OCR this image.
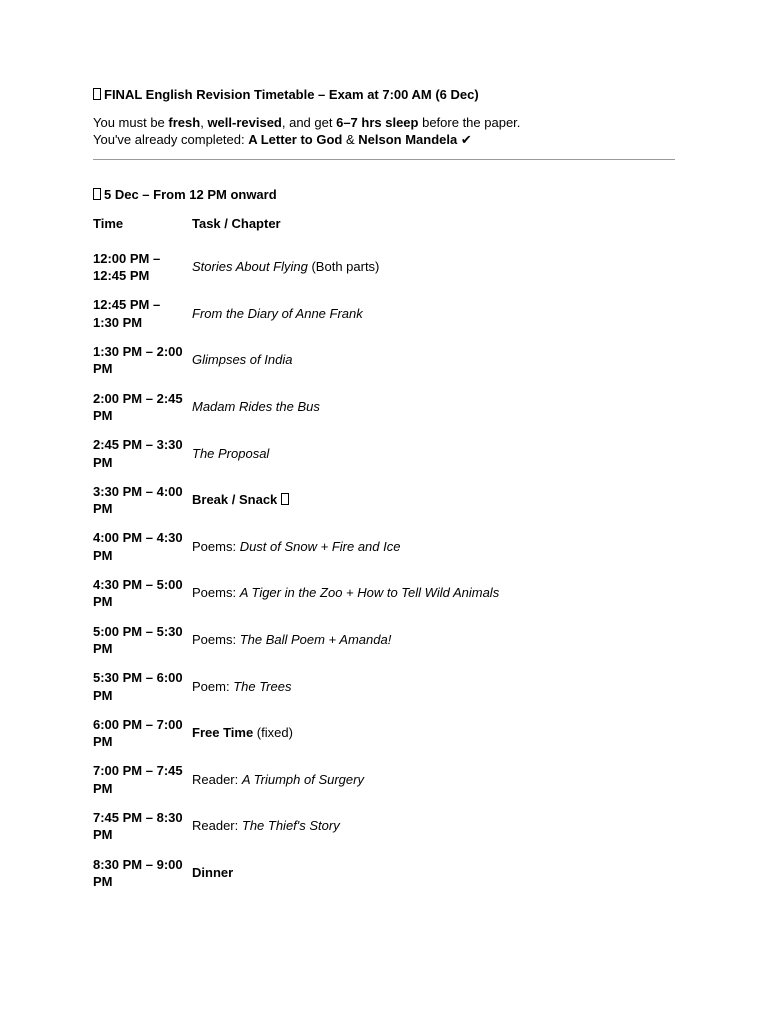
FINAL English Revision Timetable – Exam at 7:00 AM (6 Dec)
You must be fresh, well-revised, and get 6–7 hrs sleep before the paper.
You've already completed: A Letter to God & Nelson Mandela ✔
5 Dec – From 12 PM onward
Time	Task / Chapter
12:00 PM – 12:45 PM
Stories About Flying (Both parts)
12:45 PM – 1:30 PM
From the Diary of Anne Frank
1:30 PM – 2:00 PM
Glimpses of India
2:00 PM – 2:45 PM
Madam Rides the Bus
2:45 PM – 3:30 PM
The Proposal
3:30 PM – 4:00 PM
Break / Snack
4:00 PM – 4:30 PM
Poems: Dust of Snow + Fire and Ice
4:30 PM – 5:00 PM
Poems: A Tiger in the Zoo + How to Tell Wild Animals
5:00 PM – 5:30 PM
Poems: The Ball Poem + Amanda!
5:30 PM – 6:00 PM
Poem: The Trees
6:00 PM – 7:00 PM
Free Time (fixed)
7:00 PM – 7:45 PM
Reader: A Triumph of Surgery
7:45 PM – 8:30 PM
Reader: The Thief's Story
8:30 PM – 9:00 PM
Dinner
